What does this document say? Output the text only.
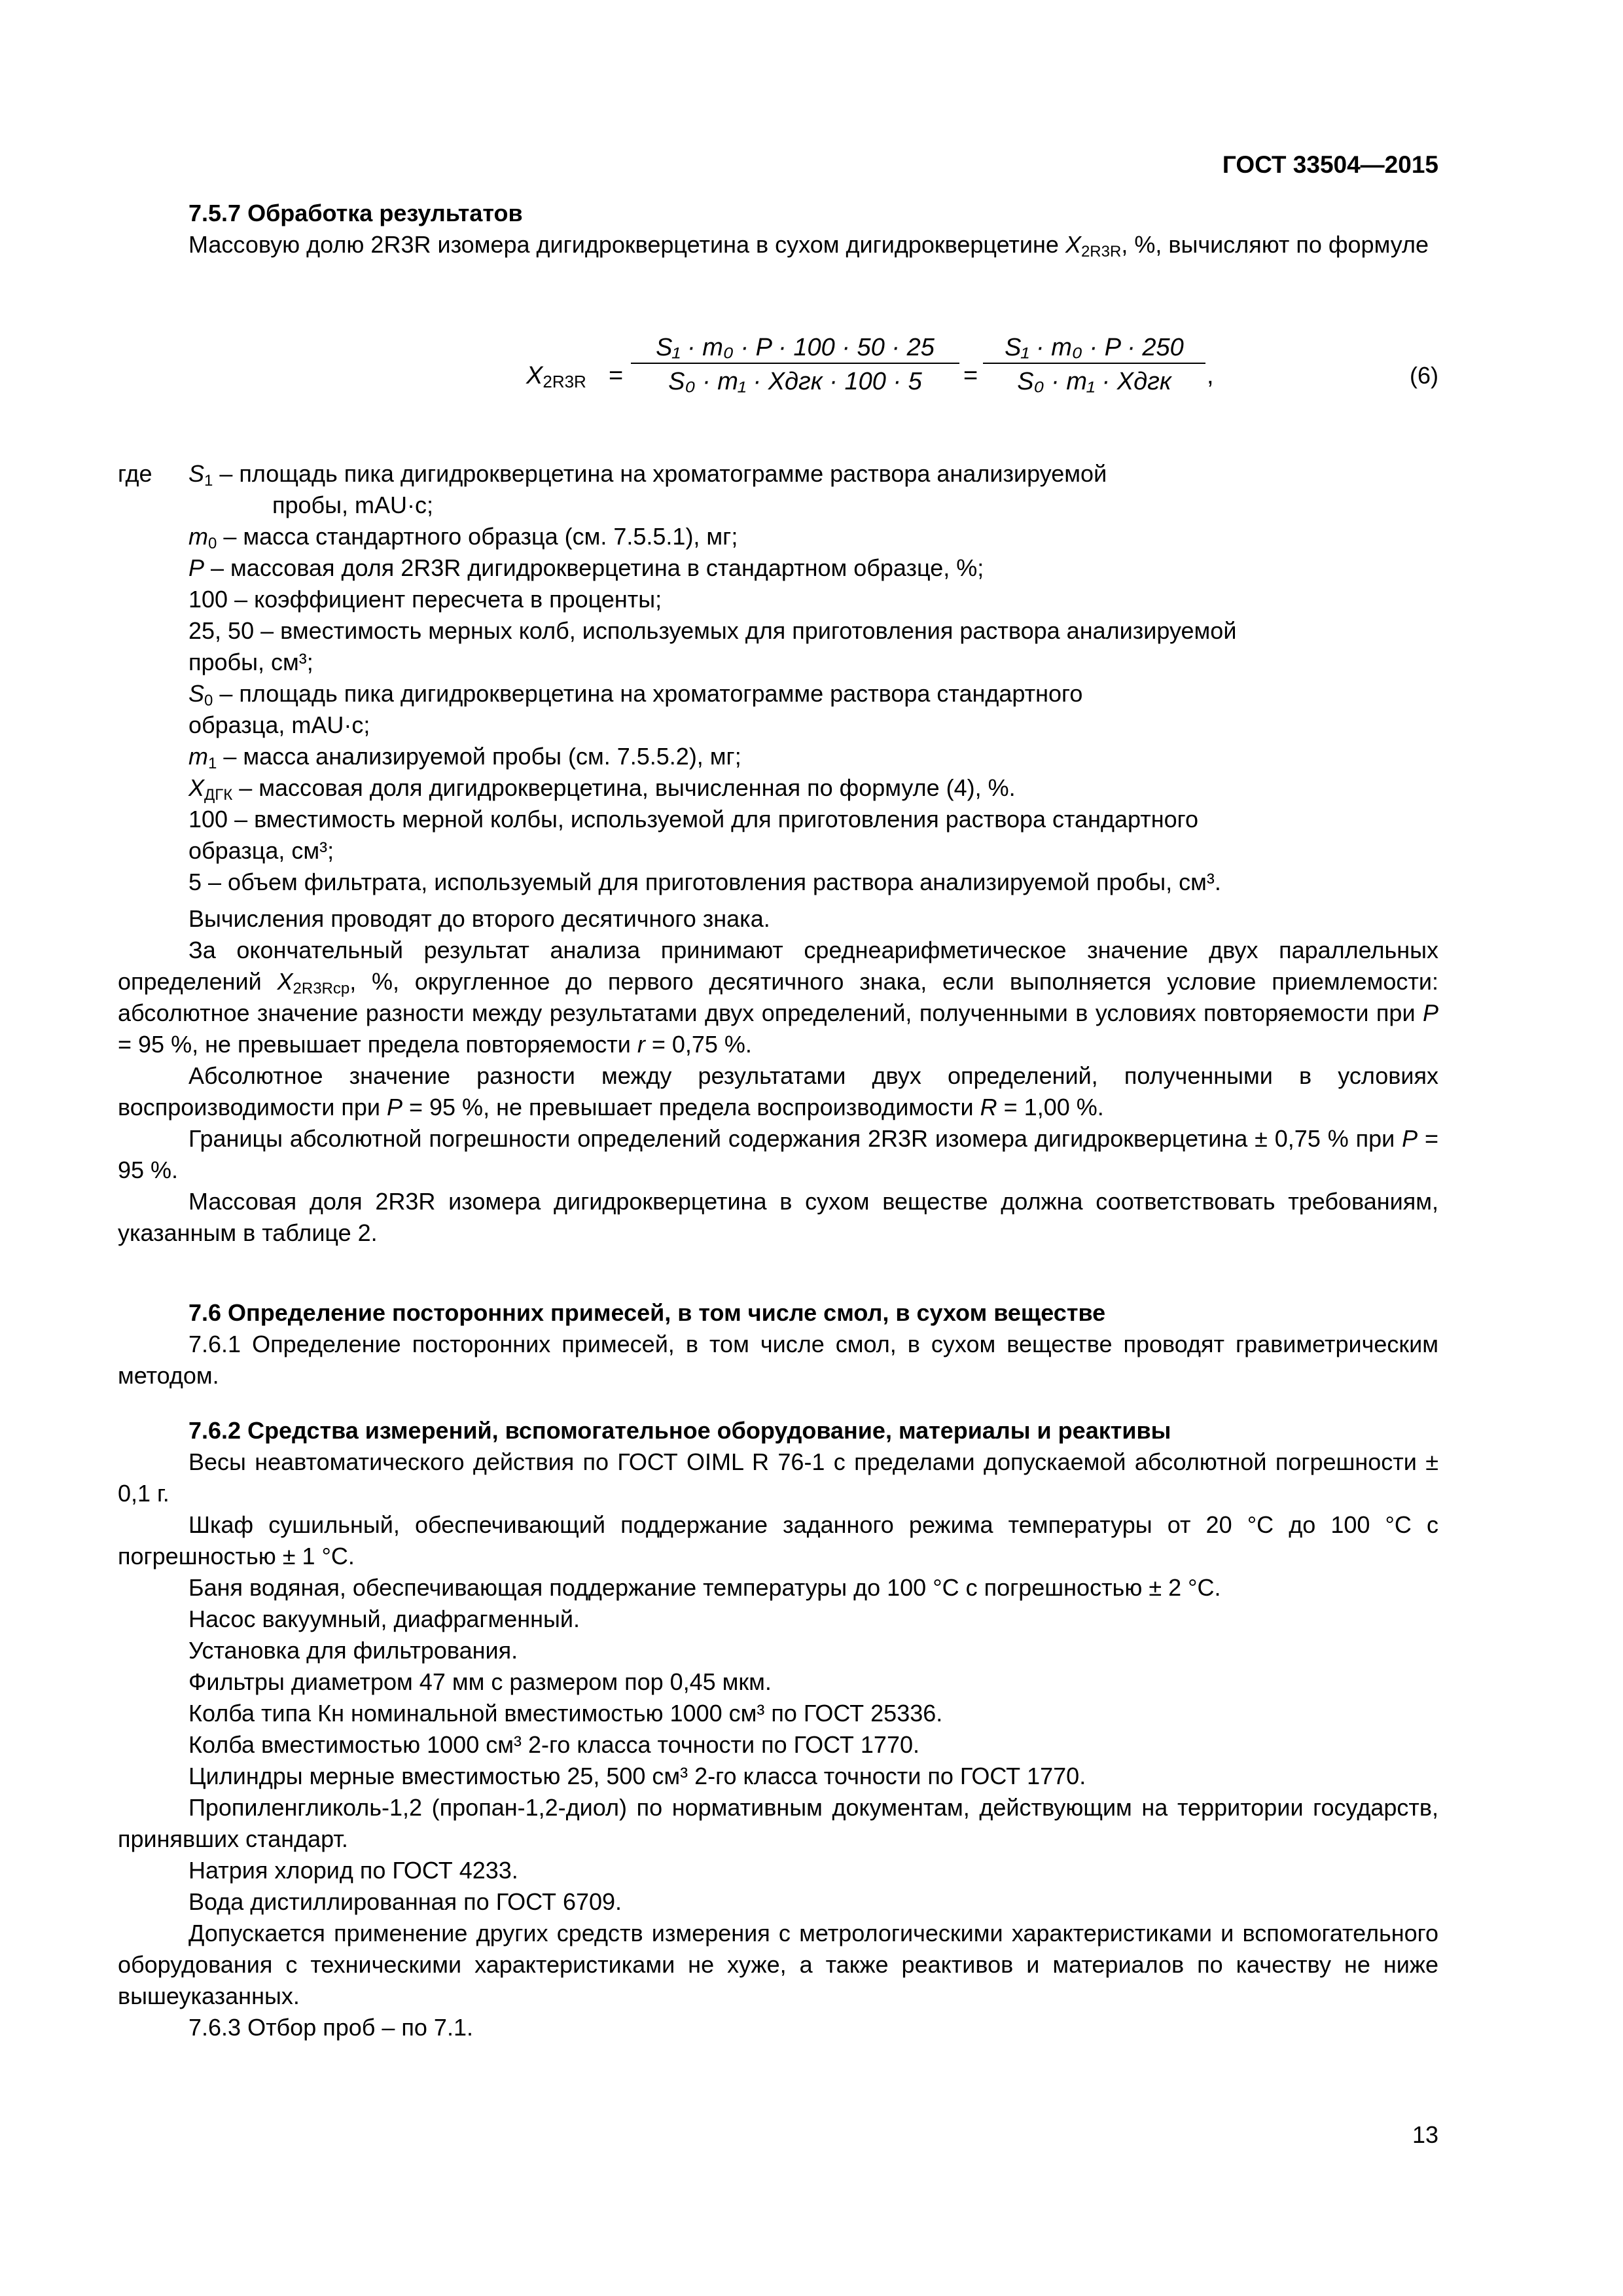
ГОСТ 33504—2015

7.5.7 Обработка результатов

Массовую долю 2R3R изомера дигидрокверцетина в сухом дигидрокверцетине $X_{2R3R}$, %, вычисляют по формуле

$X_{2R3R}$ =
S₁ · m₀ · P · 100 · 50 · 25
S₀ · m₁ · Xдгк · 100 · 5	=
S₁ · m₀ · P · 250
S₀ · m₁ · Xдгк	,	(6)
где	$S_1$ – площадь пика дигидрокверцетина на хроматограмме раствора анализируемой
пробы, mAU·с;

$m_0$ – масса стандартного образца (см. 7.5.5.1), мг;

P – массовая доля 2R3R дигидрокверцетина в стандартном образце, %;

100 – коэффициент пересчета в проценты;

25, 50 – вместимость мерных колб, используемых для приготовления раствора анализируемой
пробы, см³;

$S_0$ – площадь пика дигидрокверцетина на хроматограмме раствора стандартного
образца, mAU·с;

$m_1$ – масса анализируемой пробы (см. 7.5.5.2), мг;

$X_{ДГК}$ – массовая доля дигидрокверцетина, вычисленная по формуле (4), %.

100 – вместимость мерной колбы, используемой для приготовления раствора стандартного
образца, см³;

5 – объем фильтрата, используемый для приготовления раствора анализируемой пробы, см³.

Вычисления проводят до второго десятичного знака.

За окончательный результат анализа принимают среднеарифметическое значение двух параллельных определений $X_{2R3Rср}$, %, округленное до первого десятичного знака, если выполняется условие приемлемости: абсолютное значение разности между результатами двух определений, полученными в условиях повторяемости при P = 95 %, не превышает предела повторяемости r = 0,75 %.

Абсолютное значение разности между результатами двух определений, полученными в условиях воспроизводимости при P = 95 %, не превышает предела воспроизводимости R = 1,00 %.

Границы абсолютной погрешности определений содержания 2R3R изомера дигидрокверцетина ± 0,75 % при P = 95 %.

Массовая доля 2R3R изомера дигидрокверцетина в сухом веществе должна соответствовать требованиям, указанным в таблице 2.

7.6 Определение посторонних примесей, в том числе смол, в сухом веществе

7.6.1 Определение посторонних примесей, в том числе смол, в сухом веществе проводят гравиметрическим методом.

7.6.2 Средства измерений, вспомогательное оборудование, материалы и реактивы

Весы неавтоматического действия по ГОСТ OIML R 76-1 с пределами допускаемой абсолютной погрешности ± 0,1 г.

Шкаф сушильный, обеспечивающий поддержание заданного режима температуры от 20 °С до 100 °С с погрешностью ± 1 °С.

Баня водяная, обеспечивающая поддержание температуры до 100 °С с погрешностью ± 2 °С.

Насос вакуумный, диафрагменный.

Установка для фильтрования.

Фильтры диаметром 47 мм с размером пор 0,45 мкм.

Колба типа Кн номинальной вместимостью 1000 см³ по ГОСТ 25336.

Колба вместимостью 1000 см³ 2-го класса точности по ГОСТ 1770.

Цилиндры мерные вместимостью 25, 500 см³ 2-го класса точности по ГОСТ 1770.

Пропиленгликоль-1,2 (пропан-1,2-диол) по нормативным документам, действующим на территории государств, принявших стандарт.

Натрия хлорид по ГОСТ 4233.

Вода дистиллированная по ГОСТ 6709.

Допускается применение других средств измерения с метрологическими характеристиками и вспомогательного оборудования с техническими характеристиками не хуже, а также реактивов и материалов по качеству не ниже вышеуказанных.

7.6.3 Отбор проб – по 7.1.

13
